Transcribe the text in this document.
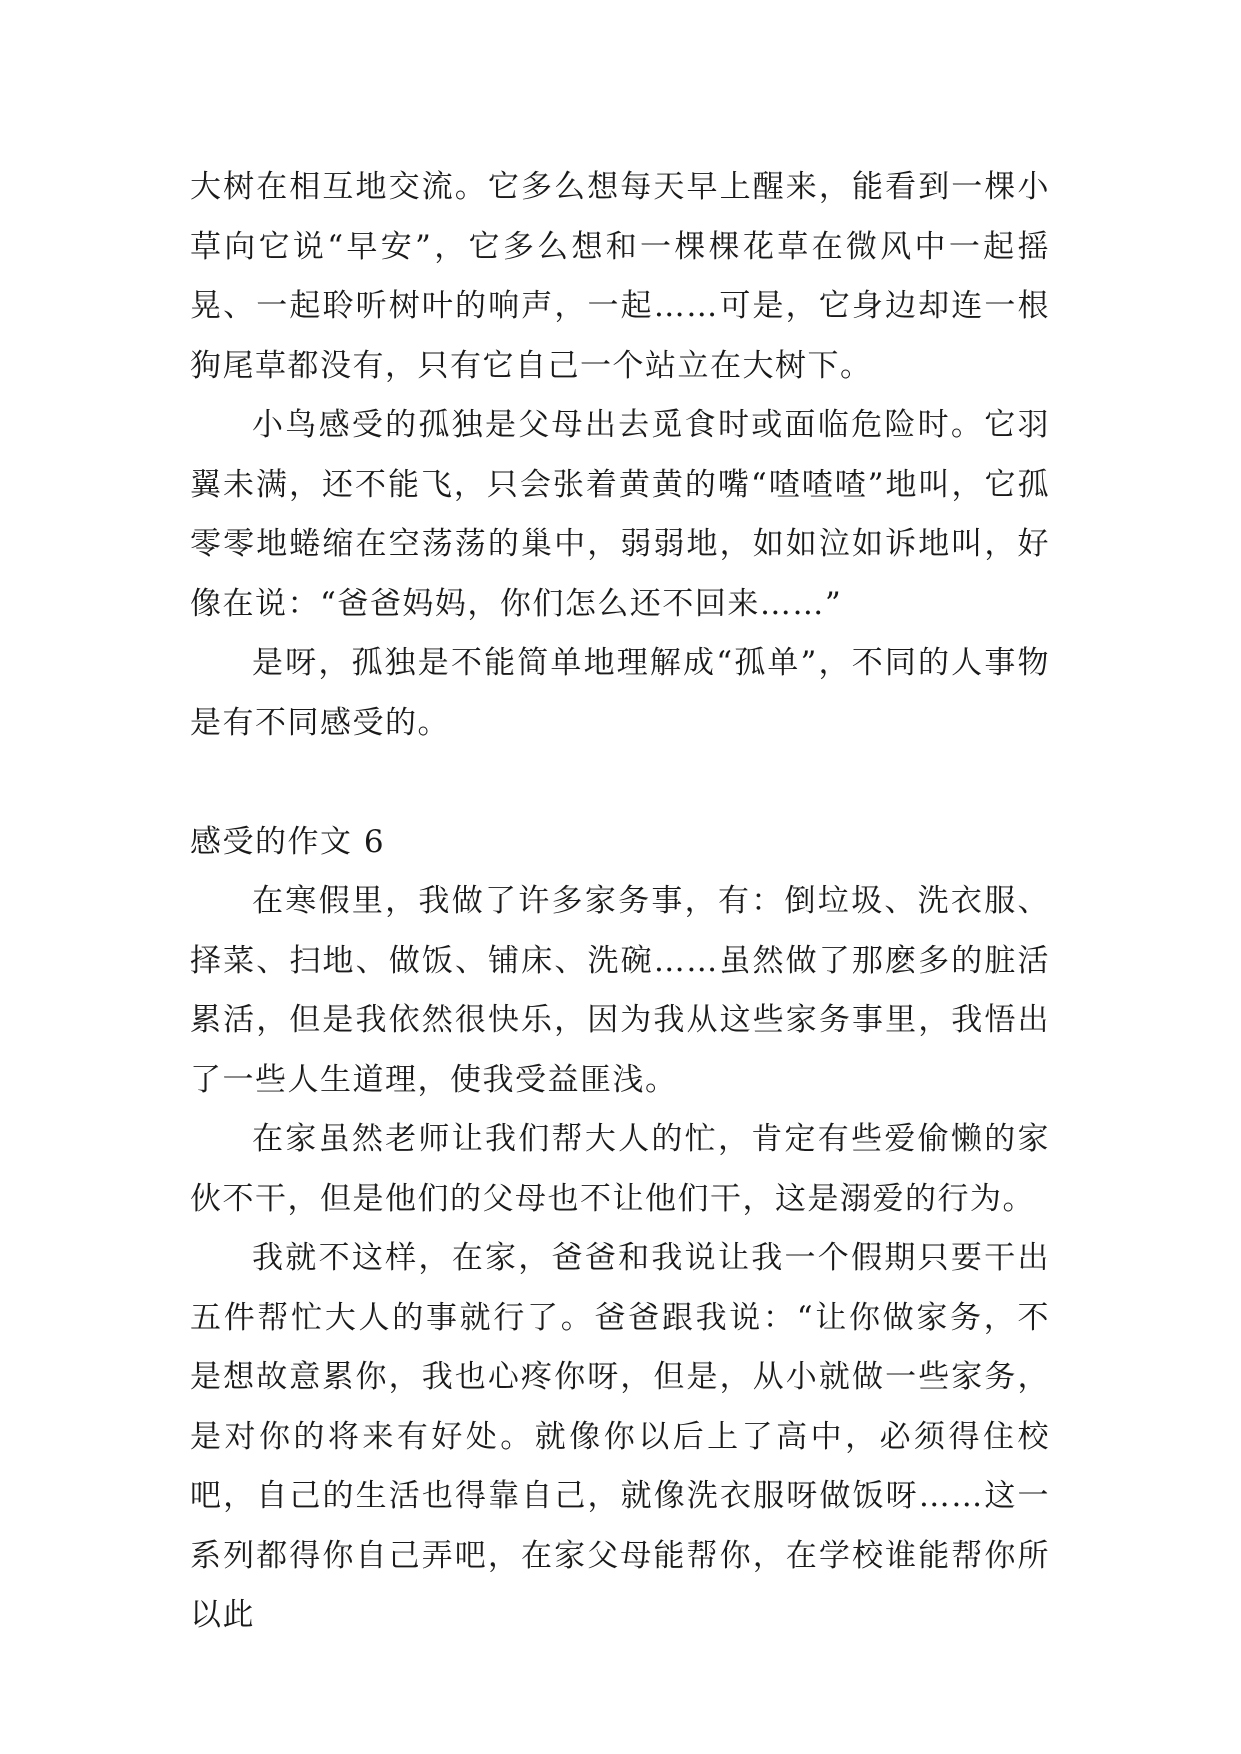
大树在相互地交流。它多么想每天早上醒来，能看到一棵小草向它说“早安”，它多么想和一棵棵花草在微风中一起摇晃、一起聆听树叶的响声，一起……可是，它身边却连一根狗尾草都没有，只有它自己一个站立在大树下。

小鸟感受的孤独是父母出去觅食时或面临危险时。它羽翼未满，还不能飞，只会张着黄黄的嘴“喳喳喳”地叫，它孤零零地蜷缩在空荡荡的巢中，弱弱地，如如泣如诉地叫，好像在说：“爸爸妈妈，你们怎么还不回来……”

是呀，孤独是不能简单地理解成“孤单”，不同的人事物是有不同感受的。

感受的作文 6

在寒假里，我做了许多家务事，有：倒垃圾、洗衣服、择菜、扫地、做饭、铺床、洗碗……虽然做了那麽多的脏活累活，但是我依然很快乐，因为我从这些家务事里，我悟出了一些人生道理，使我受益匪浅。

在家虽然老师让我们帮大人的忙，肯定有些爱偷懒的家伙不干，但是他们的父母也不让他们干，这是溺爱的行为。

我就不这样，在家，爸爸和我说让我一个假期只要干出五件帮忙大人的事就行了。爸爸跟我说：“让你做家务，不是想故意累你，我也心疼你呀，但是，从小就做一些家务，是对你的将来有好处。就像你以后上了高中，必须得住校吧，自己的生活也得靠自己，就像洗衣服呀做饭呀……这一系列都得你自己弄吧，在家父母能帮你，在学校谁能帮你所以此
